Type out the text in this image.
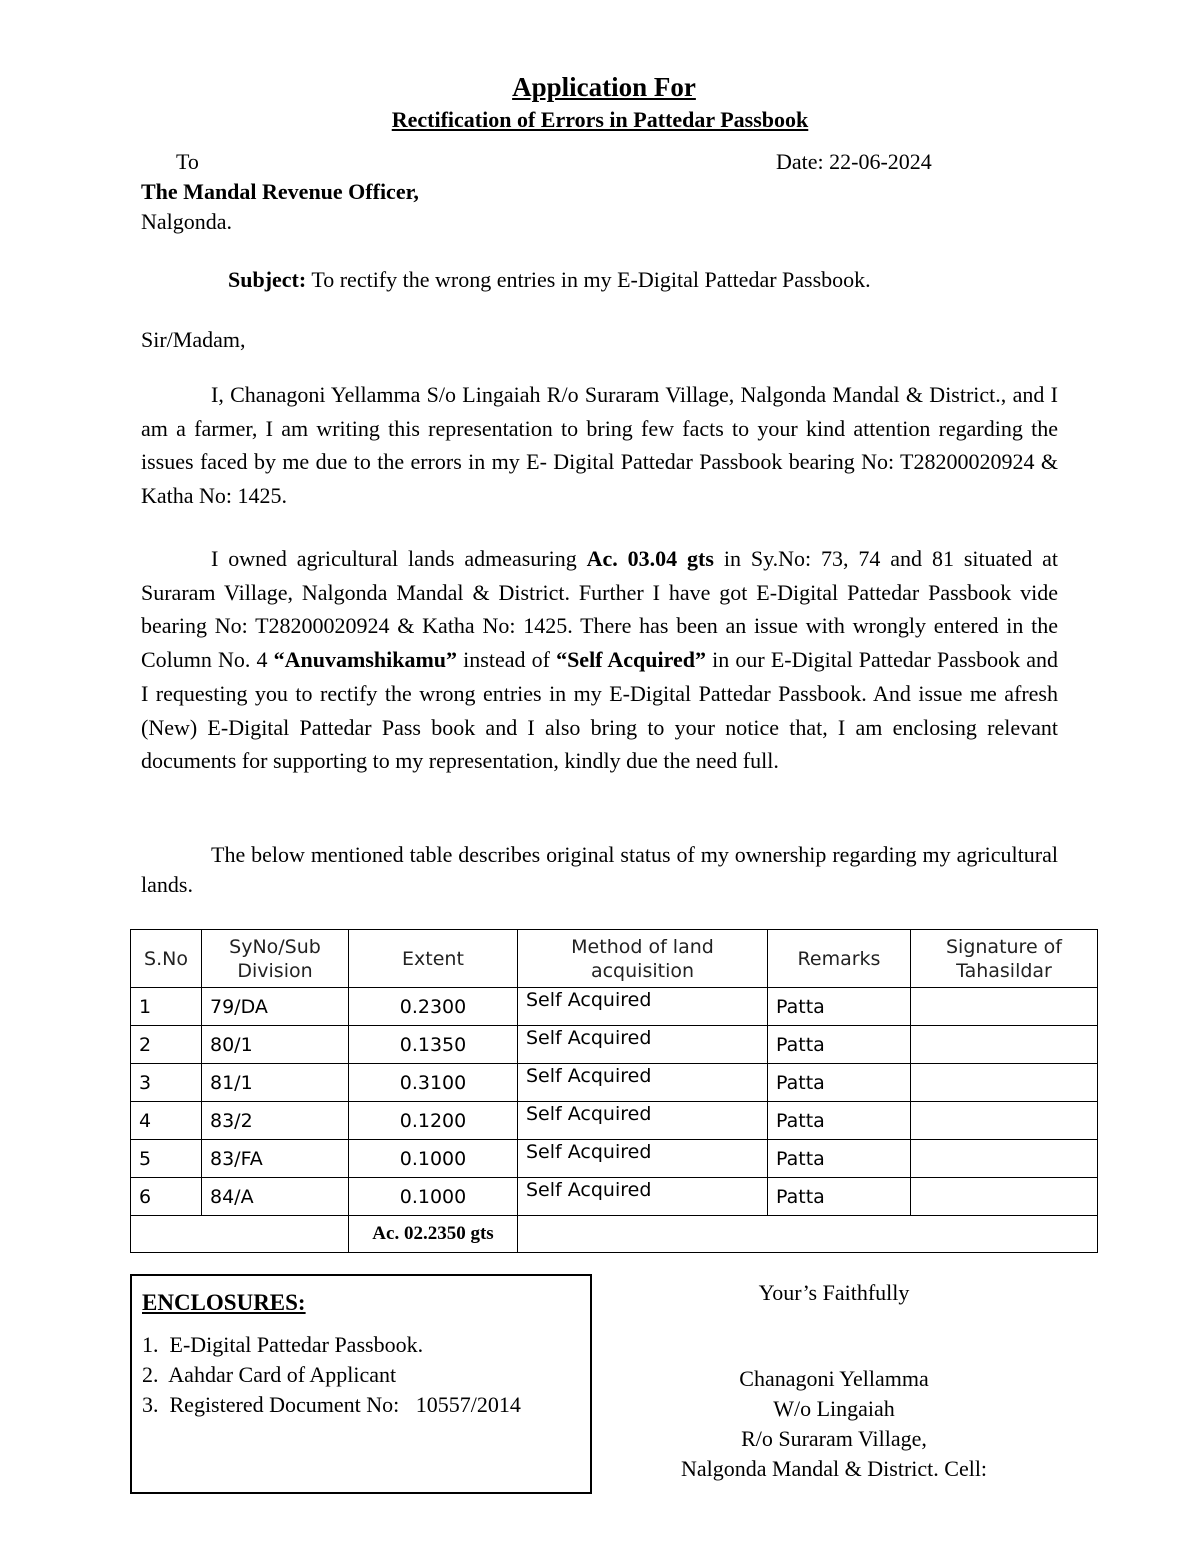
Application For
Rectification of Errors in Pattedar Passbook
To	Date: 22-06-2024
The Mandal Revenue Officer,
Nalgonda.
Subject: To rectify the wrong entries in my E-Digital Pattedar Passbook.
Sir/Madam,
I, Chanagoni Yellamma S/o Lingaiah R/o Suraram Village, Nalgonda Mandal & District., and I am a farmer, I am writing this representation to bring few facts to your kind attention regarding the issues faced by me due to the errors in my E- Digital Pattedar Passbook bearing No: T28200020924 & Katha No: 1425.
I owned agricultural lands admeasuring Ac. 03.04 gts in Sy.No: 73, 74 and 81 situated at Suraram Village, Nalgonda Mandal & District. Further I have got E-Digital Pattedar Passbook vide bearing No: T28200020924 & Katha No: 1425. There has been an issue with wrongly entered in the Column No. 4 “Anuvamshikamu” instead of “Self Acquired” in our E-Digital Pattedar Passbook and I requesting you to rectify the wrong entries in my E-Digital Pattedar Passbook. And issue me afresh (New) E-Digital Pattedar Pass book and I also bring to your notice that, I am enclosing relevant documents for supporting to my representation, kindly due the need full.
The below mentioned table describes original status of my ownership regarding my agricultural lands.
S.No	SyNo/Sub Division	Extent	Method of land acquisition	Remarks	Signature of Tahasildar
1	79/DA	0.2300	Self Acquired	Patta	
2	80/1	0.1350	Self Acquired	Patta	
3	81/1	0.3100	Self Acquired	Patta	
4	83/2	0.1200	Self Acquired	Patta	
5	83/FA	0.1000	Self Acquired	Patta	
6	84/A	0.1000	Self Acquired	Patta	
		Ac. 02.2350 gts			
ENCLOSURES:
1.  E-Digital Pattedar Passbook.
2.  Aahdar Card of Applicant
3.  Registered Document No:   10557/2014
Your’s Faithfully
Chanagoni Yellamma
W/o Lingaiah
R/o Suraram Village,
Nalgonda Mandal & District. Cell:
